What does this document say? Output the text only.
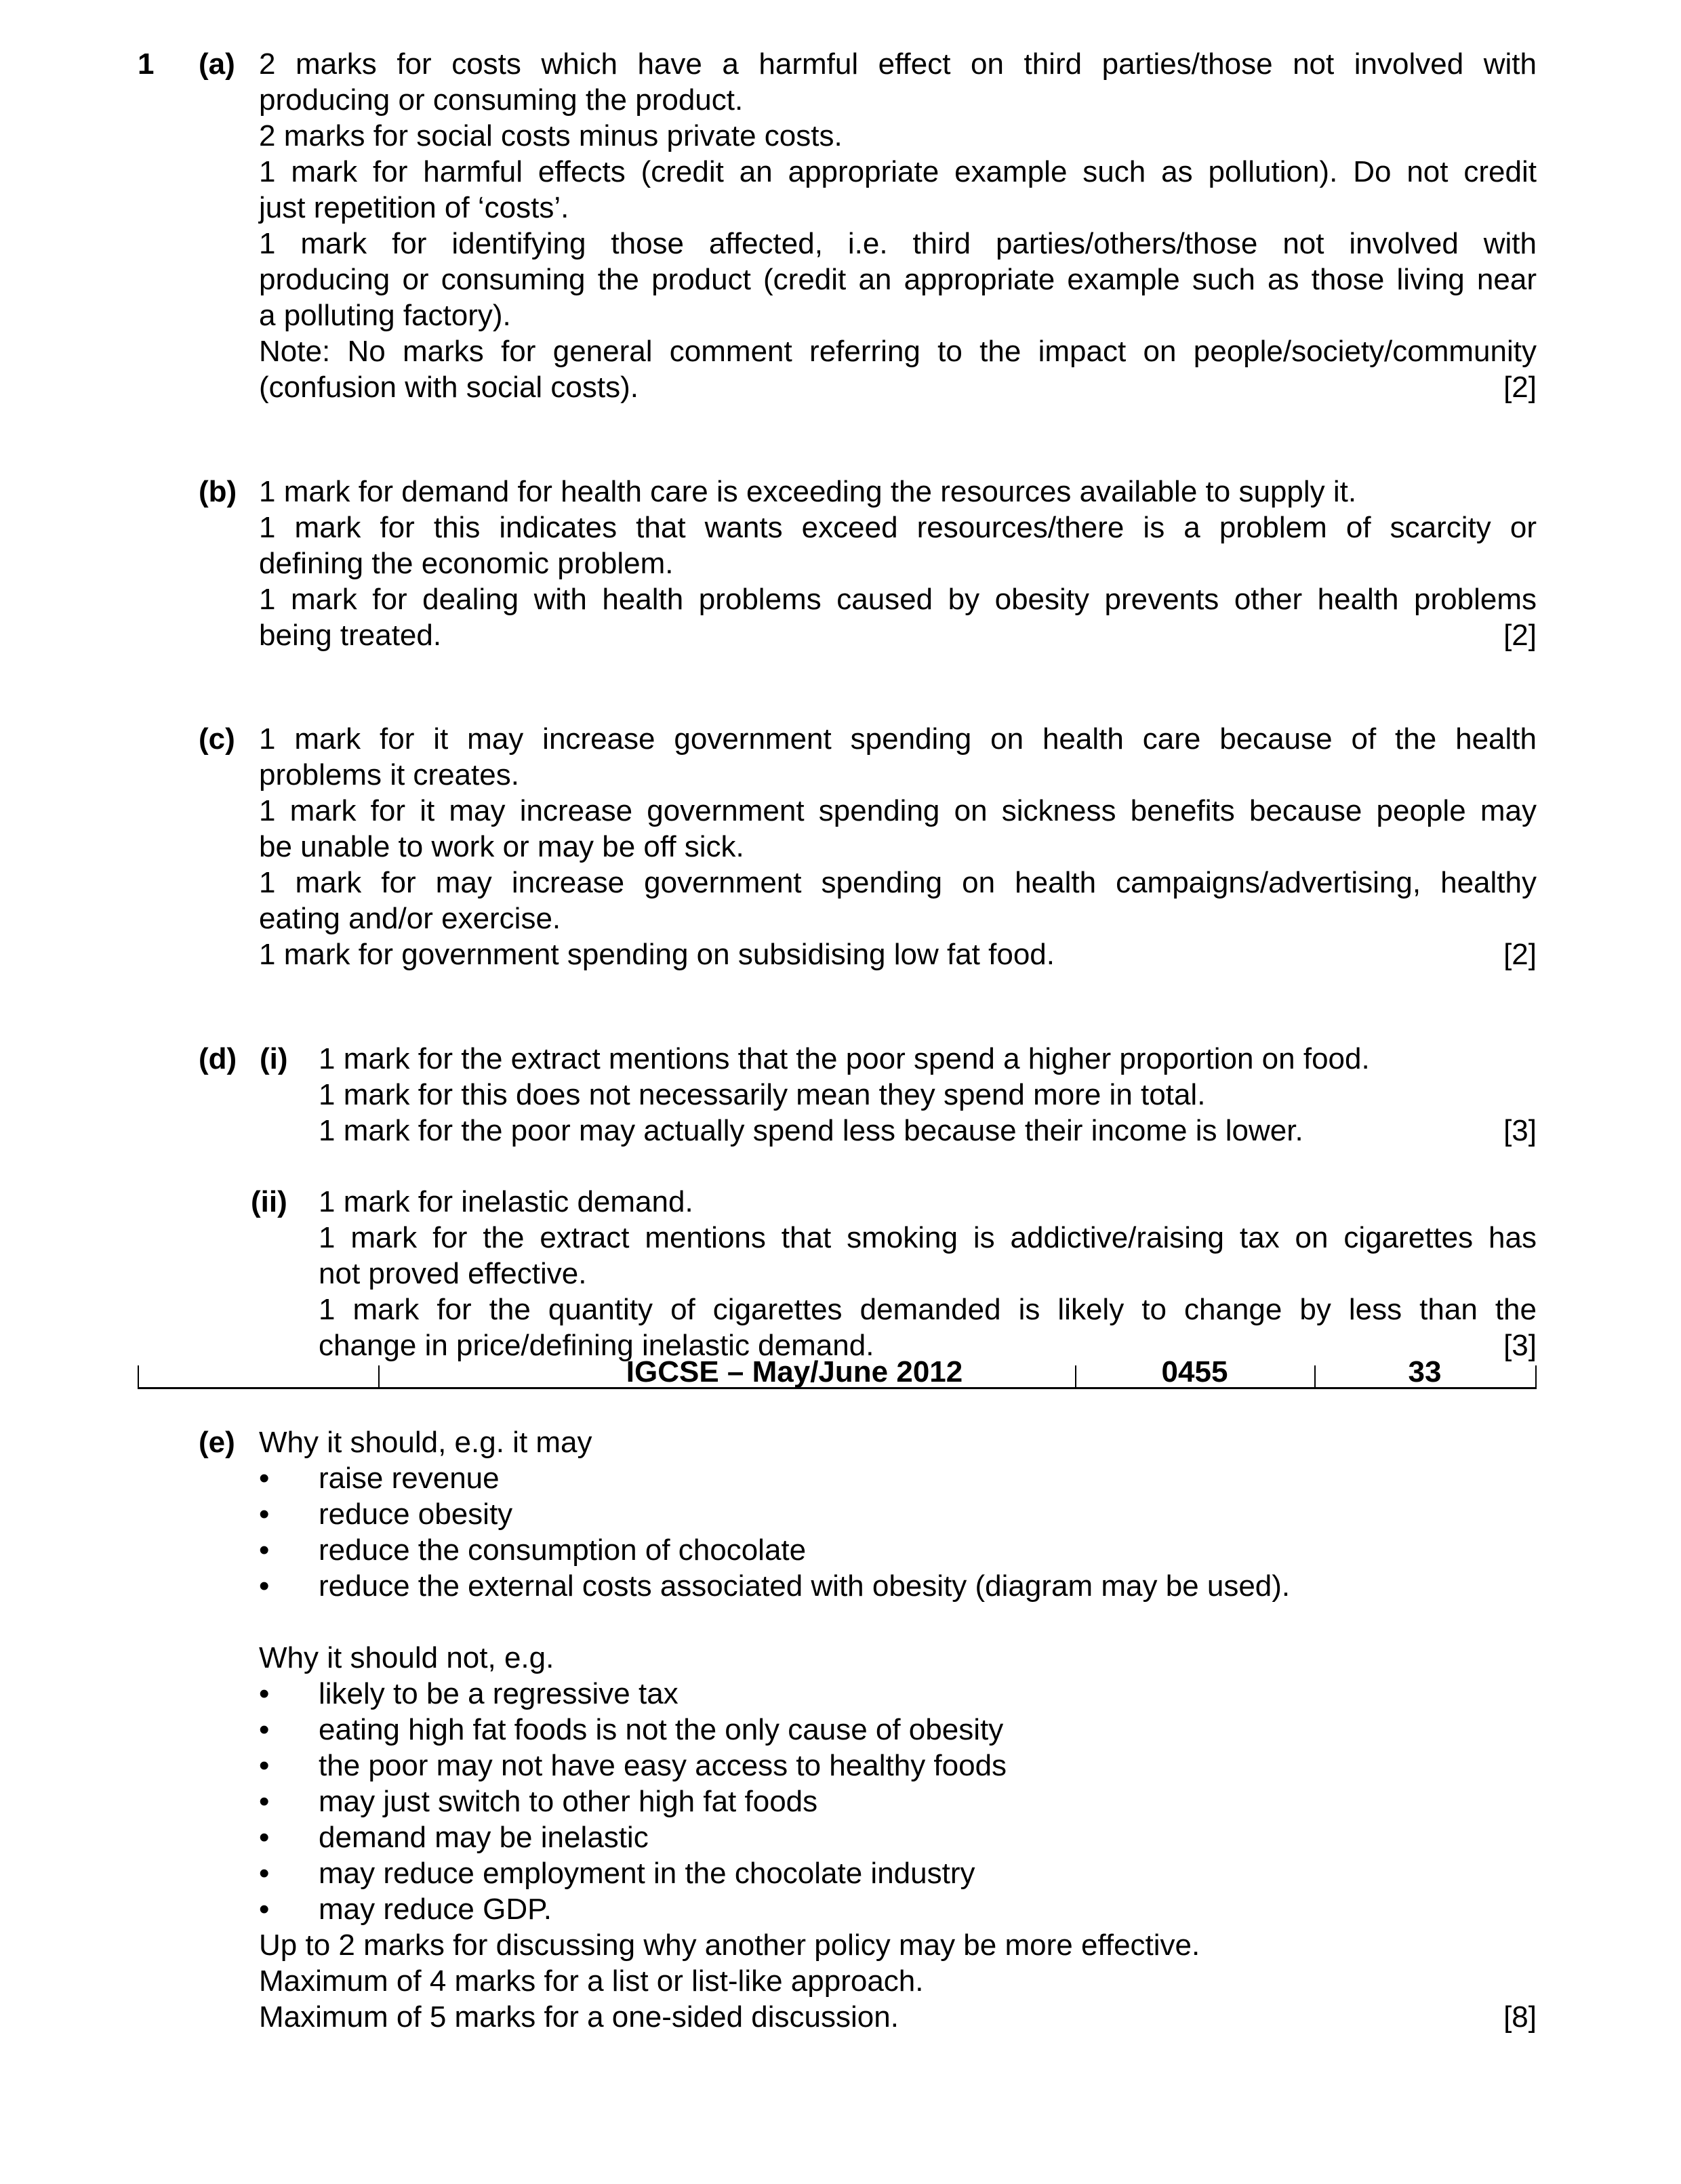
1 (a) 2 marks for costs which have a harmful effect on third parties/those not involved with
producing or consuming the product.
2 marks for social costs minus private costs.
1 mark for harmful effects (credit an appropriate example such as pollution). Do not credit
just repetition of ‘costs’.
1 mark for identifying those affected, i.e. third parties/others/those not involved with
producing or consuming the product (credit an appropriate example such as those living near
a polluting factory).
Note: No marks for general comment referring to the impact on people/society/community
(confusion with social costs).	[2]
(b) 1 mark for demand for health care is exceeding the resources available to supply it.
1 mark for this indicates that wants exceed resources/there is a problem of scarcity or
defining the economic problem.
1 mark for dealing with health problems caused by obesity prevents other health problems
being treated.	[2]
(c) 1 mark for it may increase government spending on health care because of the health
problems it creates.
1 mark for it may increase government spending on sickness benefits because people may
be unable to work or may be off sick.
1 mark for may increase government spending on health campaigns/advertising, healthy
eating and/or exercise.
1 mark for government spending on subsidising low fat food.	[2]
(d) (i) 1 mark for the extract mentions that the poor spend a higher proportion on food.
1 mark for this does not necessarily mean they spend more in total.
1 mark for the poor may actually spend less because their income is lower.	[3]
(ii) 1 mark for inelastic demand.
1 mark for the extract mentions that smoking is addictive/raising tax on cigarettes has
not proved effective.
1 mark for the quantity of cigarettes demanded is likely to change by less than the
change in price/defining inelastic demand.	[3]
IGCSE – May/June 2012	0455	33
(e) Why it should, e.g. it may
• raise revenue
• reduce obesity
• reduce the consumption of chocolate
• reduce the external costs associated with obesity (diagram may be used).
Why it should not, e.g.
• likely to be a regressive tax
• eating high fat foods is not the only cause of obesity
• the poor may not have easy access to healthy foods
• may just switch to other high fat foods
• demand may be inelastic
• may reduce employment in the chocolate industry
• may reduce GDP.
Up to 2 marks for discussing why another policy may be more effective.
Maximum of 4 marks for a list or list-like approach.
Maximum of 5 marks for a one-sided discussion.	[8]
